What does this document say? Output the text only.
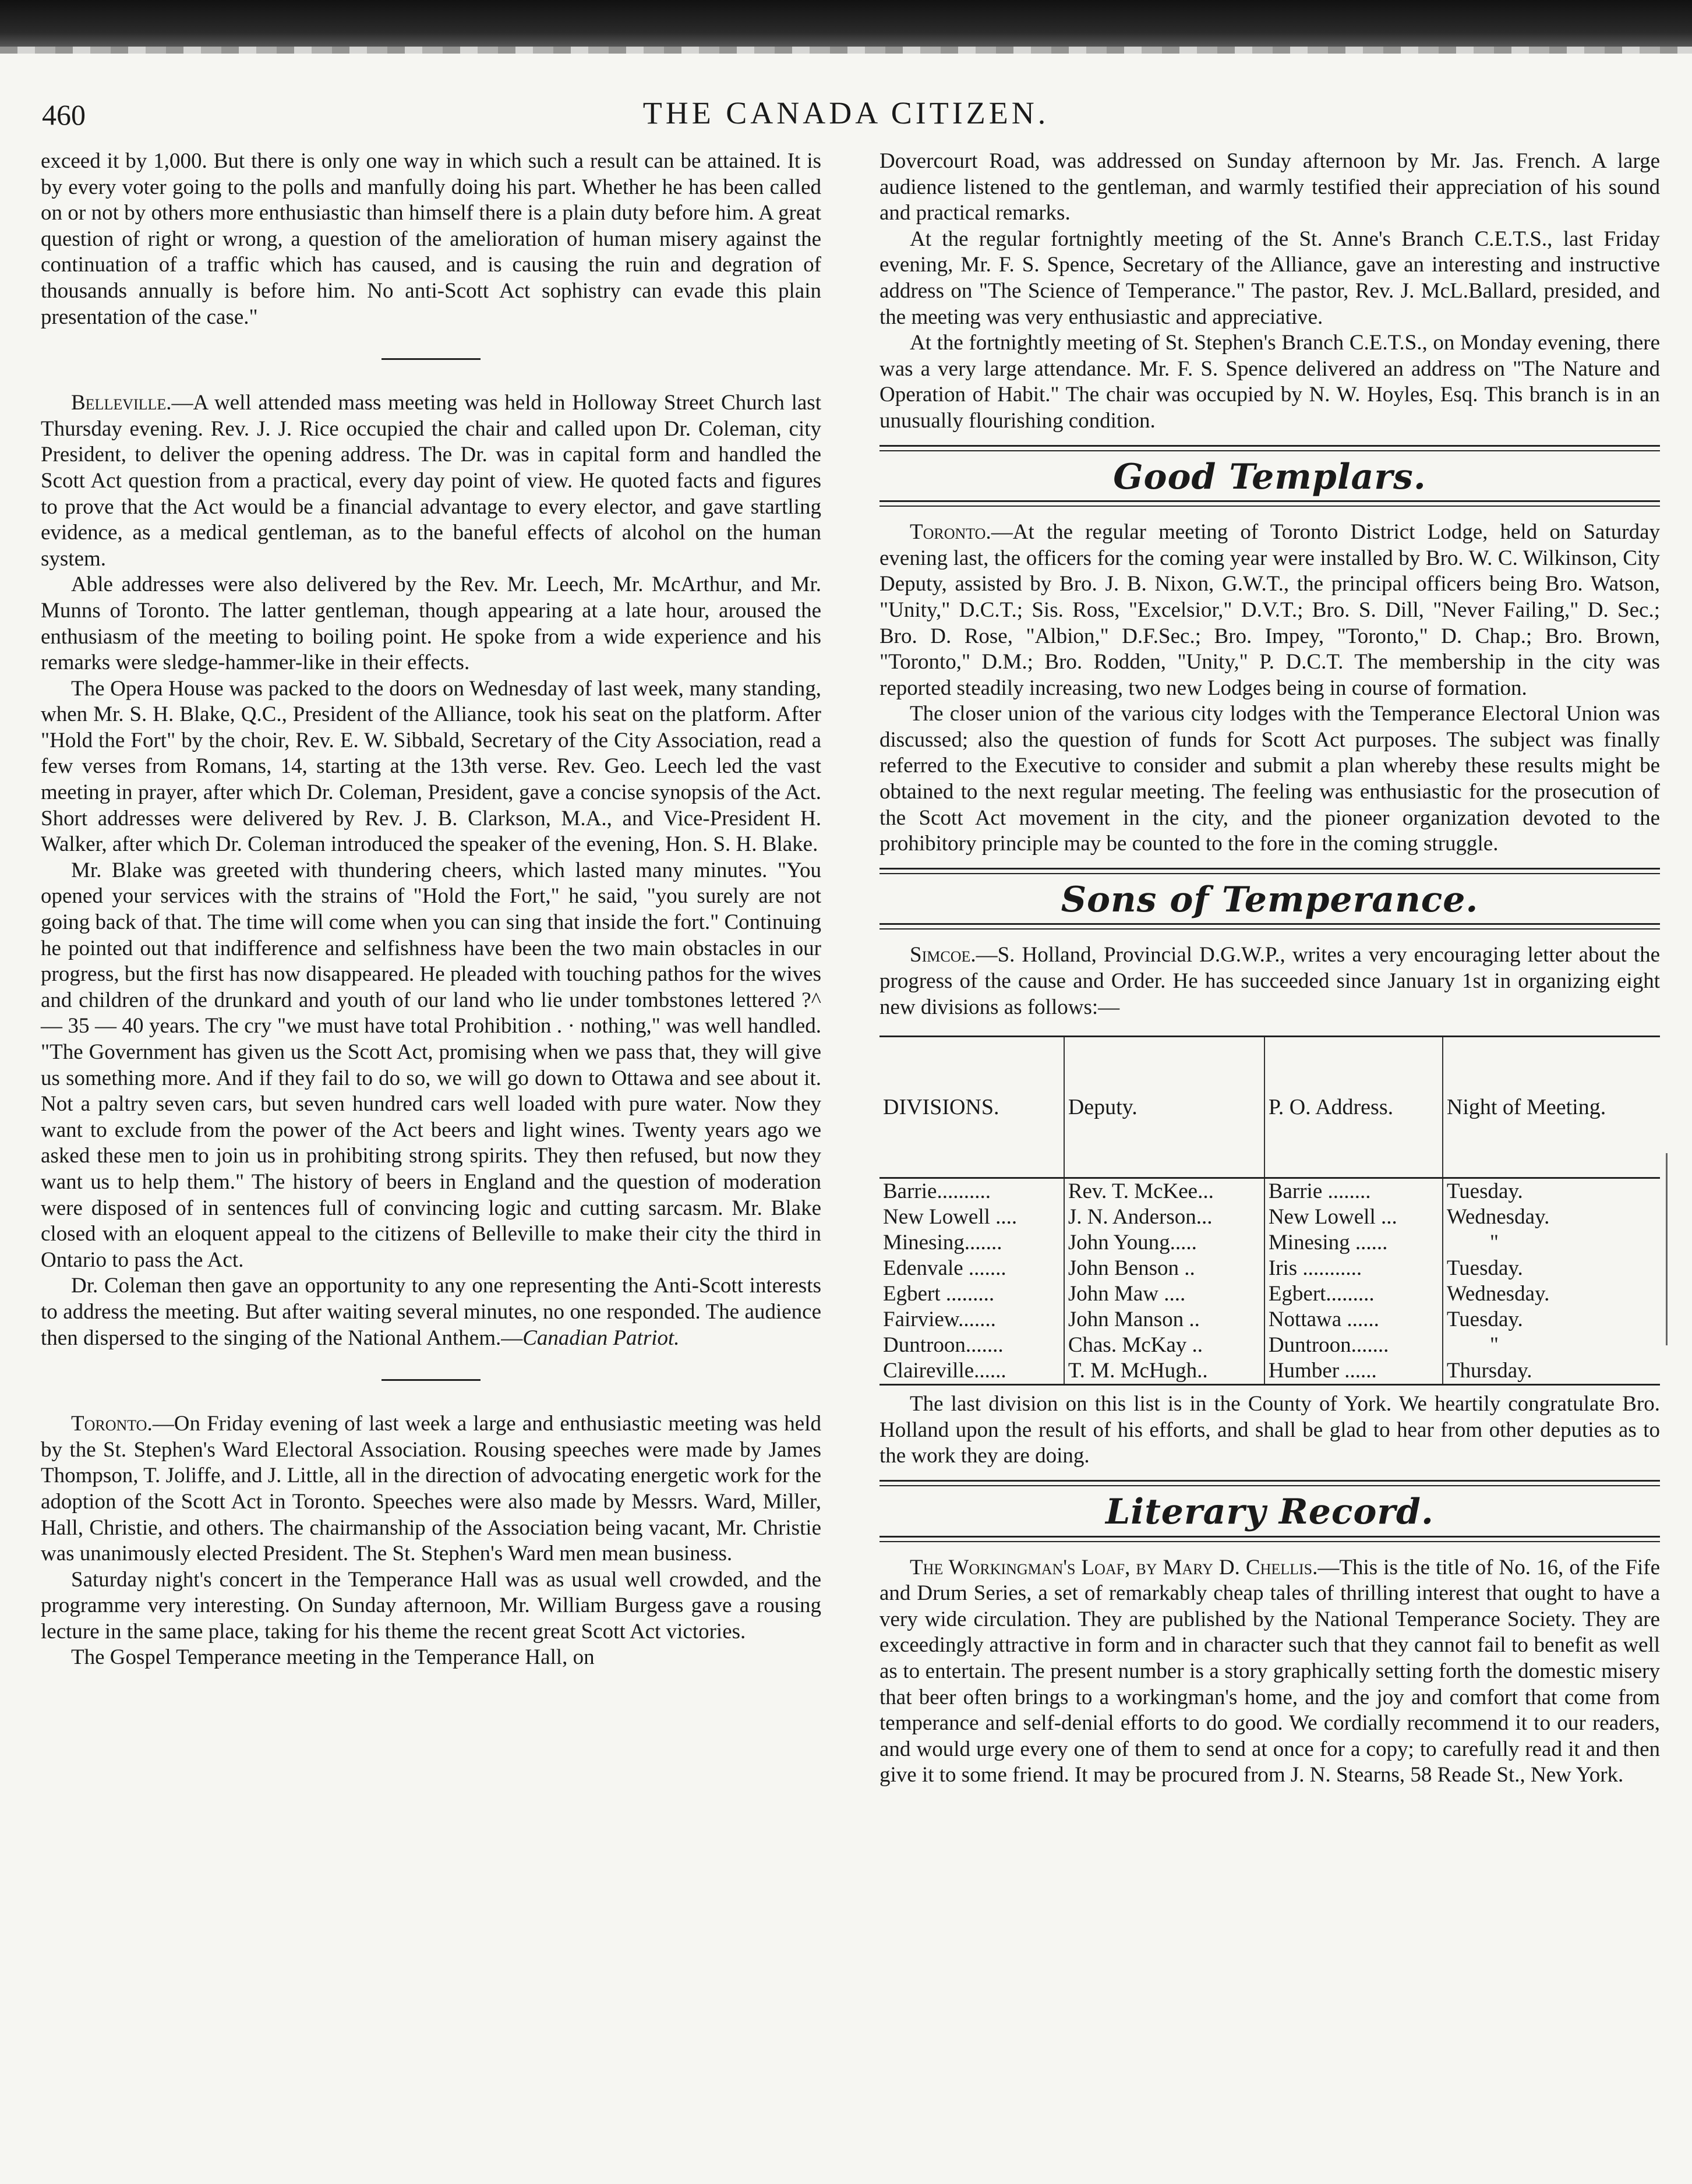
460	THE CANADA CITIZEN.

exceed it by 1,000. But there is only one way in which such a result can be attained. It is by every voter going to the polls and manfully doing his part. Whether he has been called on or not by others more enthusiastic than himself there is a plain duty before him. A great question of right or wrong, a question of the amelioration of human misery against the continuation of a traffic which has caused, and is causing the ruin and degration of thousands annually is before him. No anti-Scott Act sophistry can evade this plain presentation of the case."

Belleville.—A well attended mass meeting was held in Holloway Street Church last Thursday evening. Rev. J. J. Rice occupied the chair and called upon Dr. Coleman, city President, to deliver the opening address. The Dr. was in capital form and handled the Scott Act question from a practical, every day point of view. He quoted facts and figures to prove that the Act would be a financial advantage to every elector, and gave startling evidence, as a medical gentleman, as to the baneful effects of alcohol on the human system.

Able addresses were also delivered by the Rev. Mr. Leech, Mr. McArthur, and Mr. Munns of Toronto. The latter gentleman, though appearing at a late hour, aroused the enthusiasm of the meeting to boiling point. He spoke from a wide experience and his remarks were sledge-hammer-like in their effects.

The Opera House was packed to the doors on Wednesday of last week, many standing, when Mr. S. H. Blake, Q.C., President of the Alliance, took his seat on the platform. After "Hold the Fort" by the choir, Rev. E. W. Sibbald, Secretary of the City Association, read a few verses from Romans, 14, starting at the 13th verse. Rev. Geo. Leech led the vast meeting in prayer, after which Dr. Coleman, President, gave a concise synopsis of the Act. Short addresses were delivered by Rev. J. B. Clarkson, M.A., and Vice-President H. Walker, after which Dr. Coleman introduced the speaker of the evening, Hon. S. H. Blake.

Mr. Blake was greeted with thundering cheers, which lasted many minutes. "You opened your services with the strains of "Hold the Fort," he said, "you surely are not going back of that. The time will come when you can sing that inside the fort." Continuing he pointed out that indifference and selfishness have been the two main obstacles in our progress, but the first has now disappeared. He pleaded with touching pathos for the wives and children of the drunkard and youth of our land who lie under tombstones lettered ?^ — 35 — 40 years. The cry "we must have total Prohibition . · nothing," was well handled. "The Government has given us the Scott Act, promising when we pass that, they will give us something more. And if they fail to do so, we will go down to Ottawa and see about it. Not a paltry seven cars, but seven hundred cars well loaded with pure water. Now they want to exclude from the power of the Act beers and light wines. Twenty years ago we asked these men to join us in prohibiting strong spirits. They then refused, but now they want us to help them." The history of beers in England and the question of moderation were disposed of in sentences full of convincing logic and cutting sarcasm. Mr. Blake closed with an eloquent appeal to the citizens of Belleville to make their city the third in Ontario to pass the Act.

Dr. Coleman then gave an opportunity to any one representing the Anti-Scott interests to address the meeting. But after waiting several minutes, no one responded. The audience then dispersed to the singing of the National Anthem.—Canadian Patriot.

Toronto.—On Friday evening of last week a large and enthusiastic meeting was held by the St. Stephen's Ward Electoral Association. Rousing speeches were made by James Thompson, T. Joliffe, and J. Little, all in the direction of advocating energetic work for the adoption of the Scott Act in Toronto. Speeches were also made by Messrs. Ward, Miller, Hall, Christie, and others. The chairmanship of the Association being vacant, Mr. Christie was unanimously elected President. The St. Stephen's Ward men mean business.

Saturday night's concert in the Temperance Hall was as usual well crowded, and the programme very interesting. On Sunday afternoon, Mr. William Burgess gave a rousing lecture in the same place, taking for his theme the recent great Scott Act victories.

The Gospel Temperance meeting in the Temperance Hall, on

Dovercourt Road, was addressed on Sunday afternoon by Mr. Jas. French. A large audience listened to the gentleman, and warmly testified their appreciation of his sound and practical remarks.

At the regular fortnightly meeting of the St. Anne's Branch C.E.T.S., last Friday evening, Mr. F. S. Spence, Secretary of the Alliance, gave an interesting and instructive address on "The Science of Temperance." The pastor, Rev. J. McL.Ballard, presided, and the meeting was very enthusiastic and appreciative.

At the fortnightly meeting of St. Stephen's Branch C.E.T.S., on Monday evening, there was a very large attendance. Mr. F. S. Spence delivered an address on "The Nature and Operation of Habit." The chair was occupied by N. W. Hoyles, Esq. This branch is in an unusually flourishing condition.

Good Templars.

Toronto.—At the regular meeting of Toronto District Lodge, held on Saturday evening last, the officers for the coming year were installed by Bro. W. C. Wilkinson, City Deputy, assisted by Bro. J. B. Nixon, G.W.T., the principal officers being Bro. Watson, "Unity," D.C.T.; Sis. Ross, "Excelsior," D.V.T.; Bro. S. Dill, "Never Failing," D. Sec.; Bro. D. Rose, "Albion," D.F.Sec.; Bro. Impey, "Toronto," D. Chap.; Bro. Brown, "Toronto," D.M.; Bro. Rodden, "Unity," P. D.C.T. The membership in the city was reported steadily increasing, two new Lodges being in course of formation.

The closer union of the various city lodges with the Temperance Electoral Union was discussed; also the question of funds for Scott Act purposes. The subject was finally referred to the Executive to consider and submit a plan whereby these results might be obtained to the next regular meeting. The feeling was enthusiastic for the prosecution of the Scott Act movement in the city, and the pioneer organization devoted to the prohibitory principle may be counted to the fore in the coming struggle.

Sons of Temperance.

Simcoe.—S. Holland, Provincial D.G.W.P., writes a very encouraging letter about the progress of the cause and Order. He has succeeded since January 1st in organizing eight new divisions as follows:—

DIVISIONS.	Deputy.	P. O. Address.	Night of Meeting.
Barrie..........	Rev. T. McKee...	Barrie ........	Tuesday.
New Lowell ....	J. N. Anderson...	New Lowell ...	Wednesday.
Minesing.......	John Young.....	Minesing ......	"
Edenvale .......	John Benson ..	Iris ...........	Tuesday.
Egbert .........	John Maw ....	Egbert.........	Wednesday.
Fairview.......	John Manson ..	Nottawa ......	Tuesday.
Duntroon.......	Chas. McKay ..	Duntroon.......	"
Claireville......	T. M. McHugh..	Humber ......	Thursday.

The last division on this list is in the County of York. We heartily congratulate Bro. Holland upon the result of his efforts, and shall be glad to hear from other deputies as to the work they are doing.

Literary Record.

The Workingman's Loaf, by Mary D. Chellis.—This is the title of No. 16, of the Fife and Drum Series, a set of remarkably cheap tales of thrilling interest that ought to have a very wide circulation. They are published by the National Temperance Society. They are exceedingly attractive in form and in character such that they cannot fail to benefit as well as to entertain. The present number is a story graphically setting forth the domestic misery that beer often brings to a workingman's home, and the joy and comfort that come from temperance and self-denial efforts to do good. We cordially recommend it to our readers, and would urge every one of them to send at once for a copy; to carefully read it and then give it to some friend. It may be procured from J. N. Stearns, 58 Reade St., New York.
